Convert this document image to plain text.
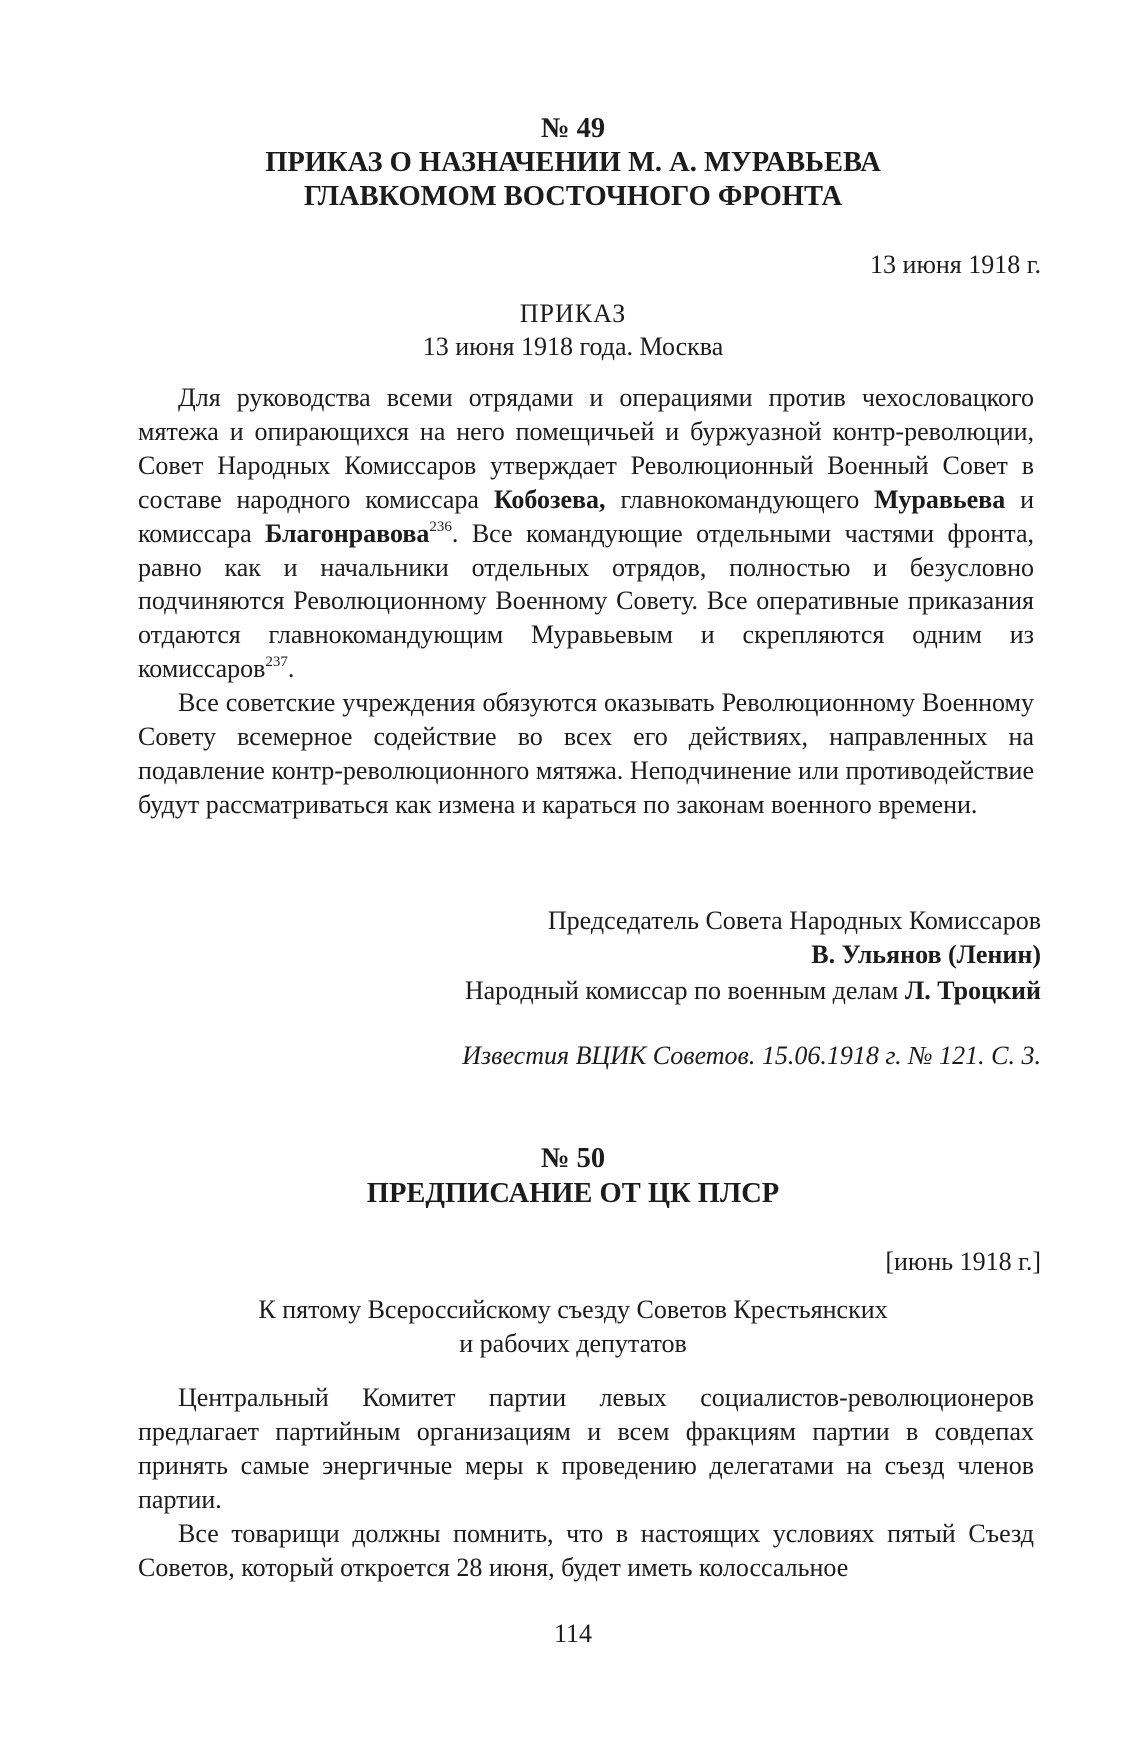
№ 49
ПРИКАЗ О НАЗНАЧЕНИИ М. А. МУРАВЬЕВА
ГЛАВКОМОМ ВОСТОЧНОГО ФРОНТА
13 июня 1918 г.
ПРИКАЗ
13 июня 1918 года. Москва

Для руководства всеми отрядами и операциями против чехословацкого мятежа и опирающихся на него помещичьей и буржуазной контр-революции, Совет Народных Комиссаров утверждает Революционный Военный Совет в составе народного комиссара Кобозева, главнокомандующего Муравьева и комиссара Благонравова$^{236}$. Все командующие отдельными частями фронта, равно как и начальники отдельных отрядов, полностью и безусловно подчиняются Революционному Военному Совету. Все оперативные приказания отдаются главнокомандующим Муравьевым и скрепляются одним из комиссаров$^{237}$.

Все советские учреждения обязуются оказывать Революционному Военному Совету всемерное содействие во всех его действиях, направленных на подавление контр-революционного мятяжа. Неподчинение или противодействие будут рассматриваться как измена и караться по законам военного времени.

Председатель Совета Народных Комиссаров
В. Ульянов (Ленин)
Народный комиссар по военным делам Л. Троцкий
Известия ВЦИК Советов. 15.06.1918 г. № 121. С. 3.
№ 50
ПРЕДПИСАНИЕ ОТ ЦК ПЛСР
[июнь 1918 г.]
К пятому Всероссийскому съезду Советов Крестьянских
и рабочих депутатов

Центральный Комитет партии левых социалистов-революционеров предлагает партийным организациям и всем фракциям партии в совдепах принять самые энергичные меры к проведению делегатами на съезд членов партии.

Все товарищи должны помнить, что в настоящих условиях пятый Съезд Советов, который откроется 28 июня, будет иметь колоссальное

114
